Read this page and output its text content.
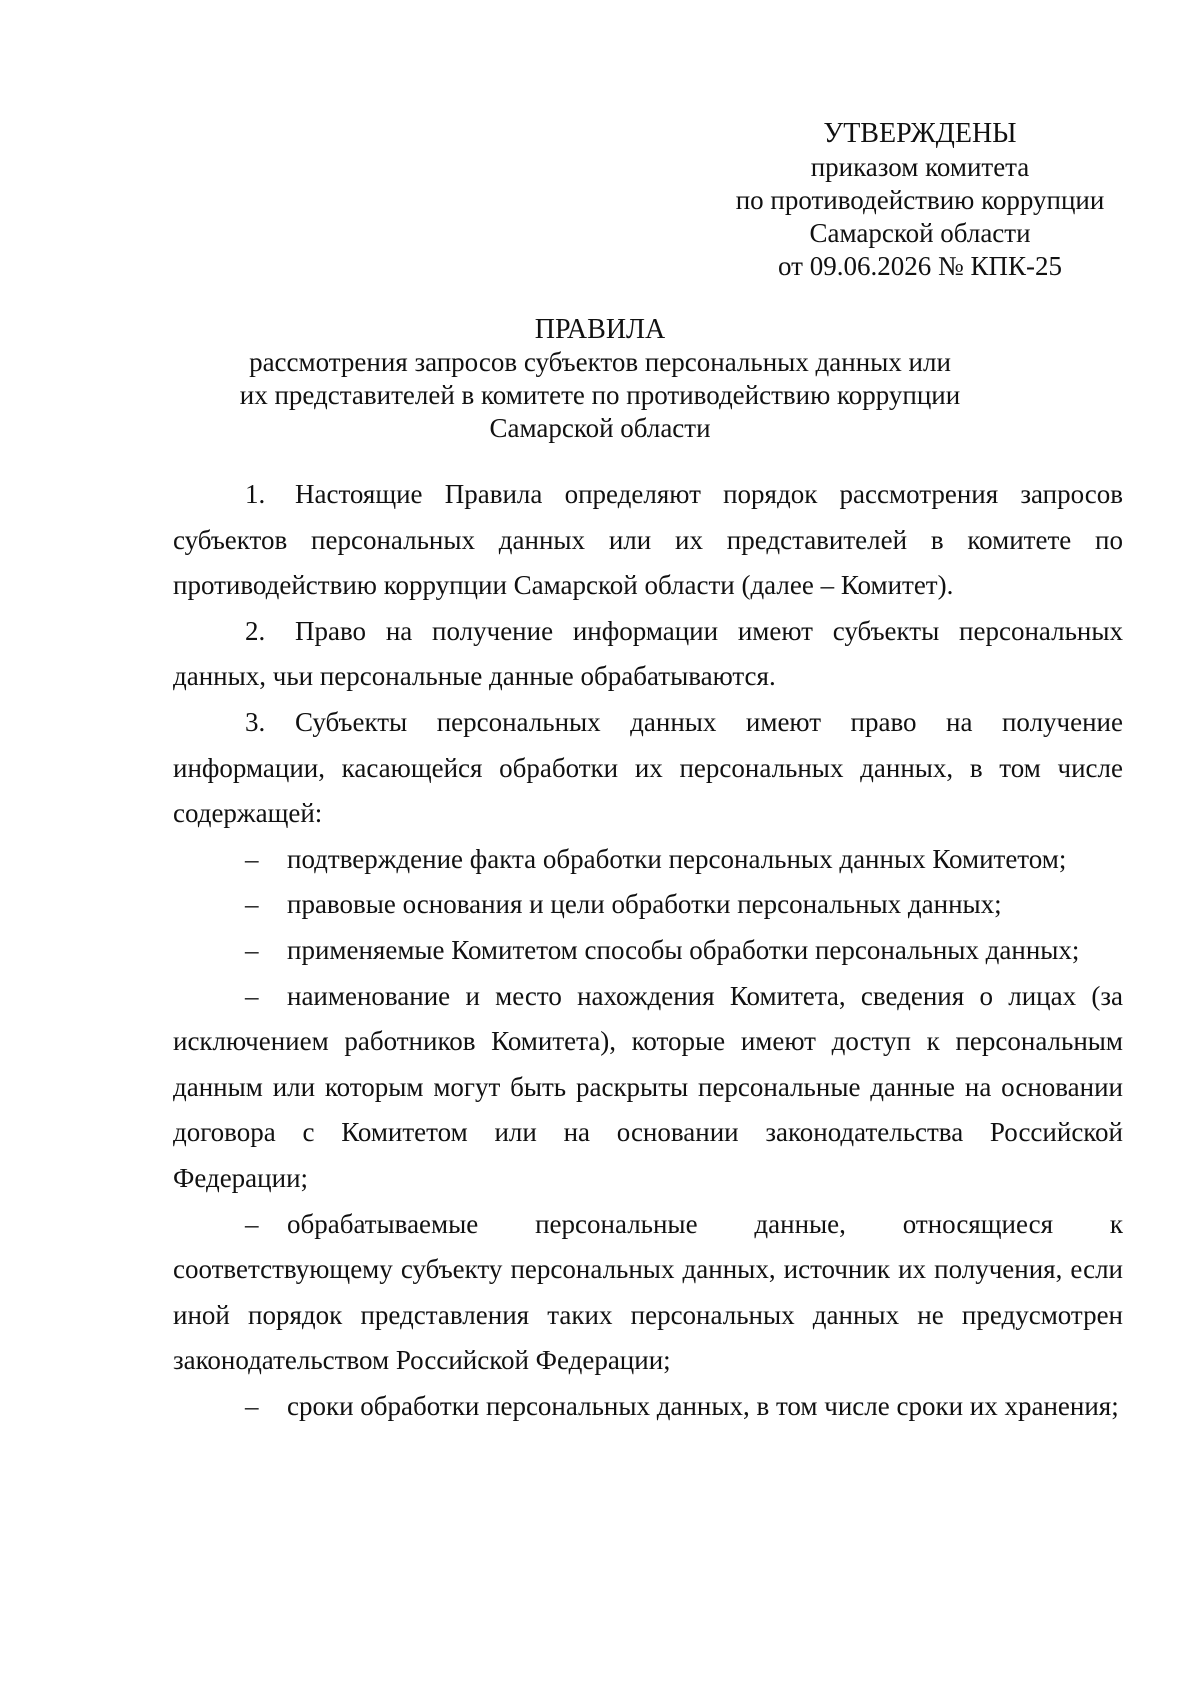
УТВЕРЖДЕНЫ
приказом комитета
по противодействию коррупции
Самарской области
от 09.06.2026 № КПК-25
ПРАВИЛА
рассмотрения запросов субъектов персональных данных или
их представителей в комитете по противодействию коррупции
Самарской области

1. Настоящие Правила определяют порядок рассмотрения запросов субъектов персональных данных или их представителей в комитете по противодействию коррупции Самарской области (далее – Комитет).

2. Право на получение информации имеют субъекты персональных данных, чьи персональные данные обрабатываются.

3. Субъекты персональных данных имеют право на получение информации, касающейся обработки их персональных данных, в том числе содержащей:

– подтверждение факта обработки персональных данных Комитетом;

– правовые основания и цели обработки персональных данных;

– применяемые Комитетом способы обработки персональных данных;

– наименование и место нахождения Комитета, сведения о лицах (за исключением работников Комитета), которые имеют доступ к персональным данным или которым могут быть раскрыты персональные данные на основании договора с Комитетом или на основании законодательства Российской Федерации;

– обрабатываемые персональные данные, относящиеся к соответствующему субъекту персональных данных, источник их получения, если иной порядок представления таких персональных данных не предусмотрен законодательством Российской Федерации;

– сроки обработки персональных данных, в том числе сроки их хранения;
